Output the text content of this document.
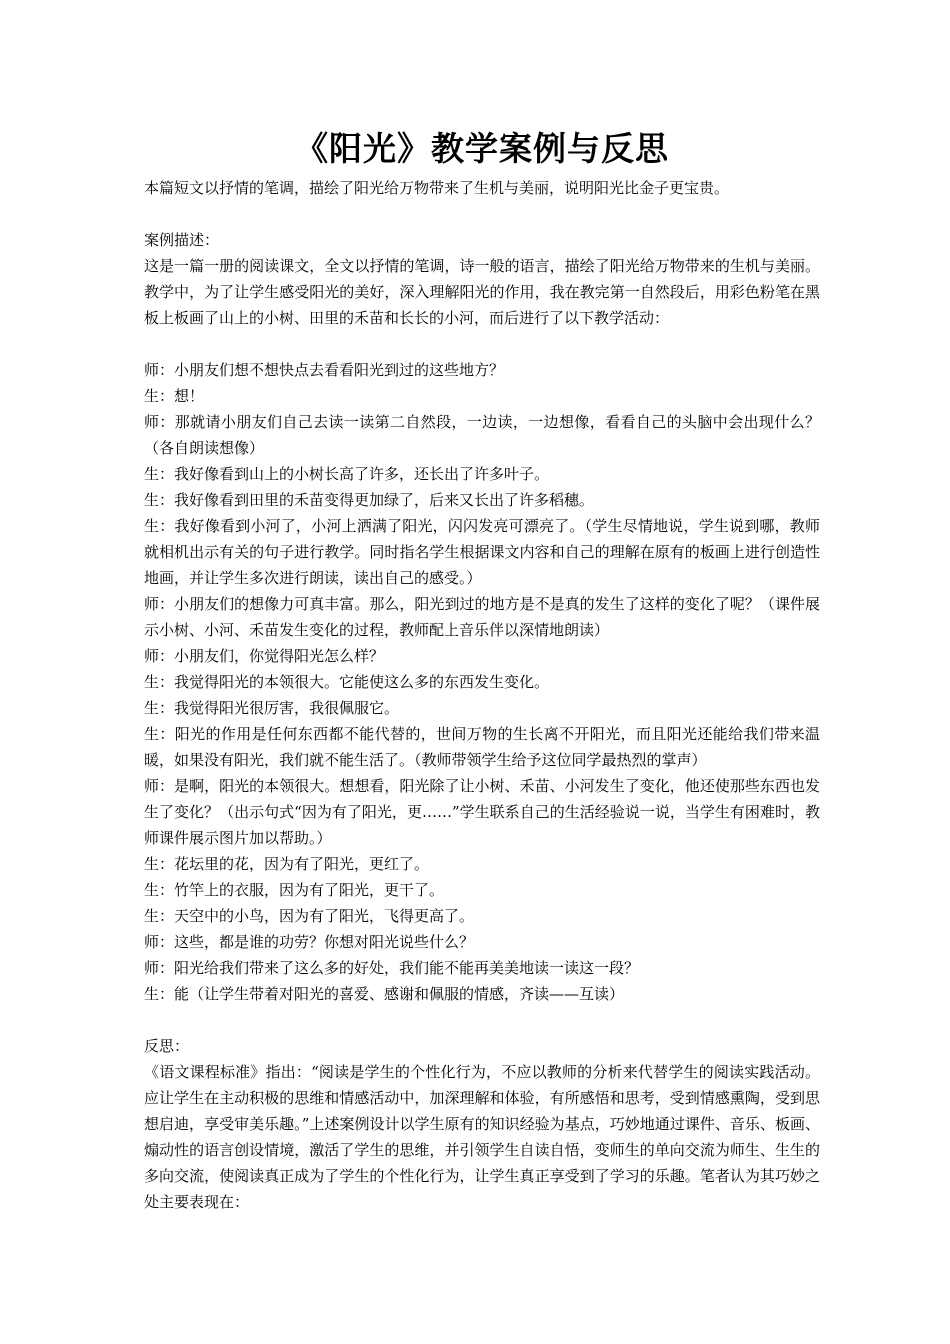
《阳光》教学案例与反思

本篇短文以抒情的笔调，描绘了阳光给万物带来了生机与美丽，说明阳光比金子更宝贵。

案例描述：

这是一篇一册的阅读课文，全文以抒情的笔调，诗一般的语言，描绘了阳光给万物带来的生机与美丽。教学中，为了让学生感受阳光的美好，深入理解阳光的作用，我在教完第一自然段后，用彩色粉笔在黑板上板画了山上的小树、田里的禾苗和长长的小河，而后进行了以下教学活动：

师：小朋友们想不想快点去看看阳光到过的这些地方？

生：想！

师：那就请小朋友们自己去读一读第二自然段，一边读，一边想像，看看自己的头脑中会出现什么？（各自朗读想像）

生：我好像看到山上的小树长高了许多，还长出了许多叶子。

生：我好像看到田里的禾苗变得更加绿了，后来又长出了许多稻穗。

生：我好像看到小河了，小河上洒满了阳光，闪闪发亮可漂亮了。（学生尽情地说，学生说到哪，教师就相机出示有关的句子进行教学。同时指名学生根据课文内容和自己的理解在原有的板画上进行创造性地画，并让学生多次进行朗读，读出自己的感受。）

师：小朋友们的想像力可真丰富。那么，阳光到过的地方是不是真的发生了这样的变化了呢？（课件展示小树、小河、禾苗发生变化的过程，教师配上音乐伴以深情地朗读）

师：小朋友们，你觉得阳光怎么样？

生：我觉得阳光的本领很大。它能使这么多的东西发生变化。

生：我觉得阳光很厉害，我很佩服它。

生：阳光的作用是任何东西都不能代替的，世间万物的生长离不开阳光，而且阳光还能给我们带来温暖，如果没有阳光，我们就不能生活了。（教师带领学生给予这位同学最热烈的掌声）

师：是啊，阳光的本领很大。想想看，阳光除了让小树、禾苗、小河发生了变化，他还使那些东西也发生了变化？（出示句式“因为有了阳光，更……”学生联系自己的生活经验说一说，当学生有困难时，教师课件展示图片加以帮助。）

生：花坛里的花，因为有了阳光，更红了。

生：竹竿上的衣服，因为有了阳光，更干了。

生：天空中的小鸟，因为有了阳光，飞得更高了。

师：这些，都是谁的功劳？你想对阳光说些什么？

师：阳光给我们带来了这么多的好处，我们能不能再美美地读一读这一段？

生：能（让学生带着对阳光的喜爱、感谢和佩服的情感，齐读——互读）

反思：

《语文课程标准》指出：“阅读是学生的个性化行为，不应以教师的分析来代替学生的阅读实践活动。应让学生在主动积极的思维和情感活动中，加深理解和体验，有所感悟和思考，受到情感熏陶，受到思想启迪，享受审美乐趣。”上述案例设计以学生原有的知识经验为基点，巧妙地通过课件、音乐、板画、煽动性的语言创设情境，激活了学生的思维，并引领学生自读自悟，变师生的单向交流为师生、生生的多向交流，使阅读真正成为了学生的个性化行为，让学生真正享受到了学习的乐趣。笔者认为其巧妙之处主要表现在：
